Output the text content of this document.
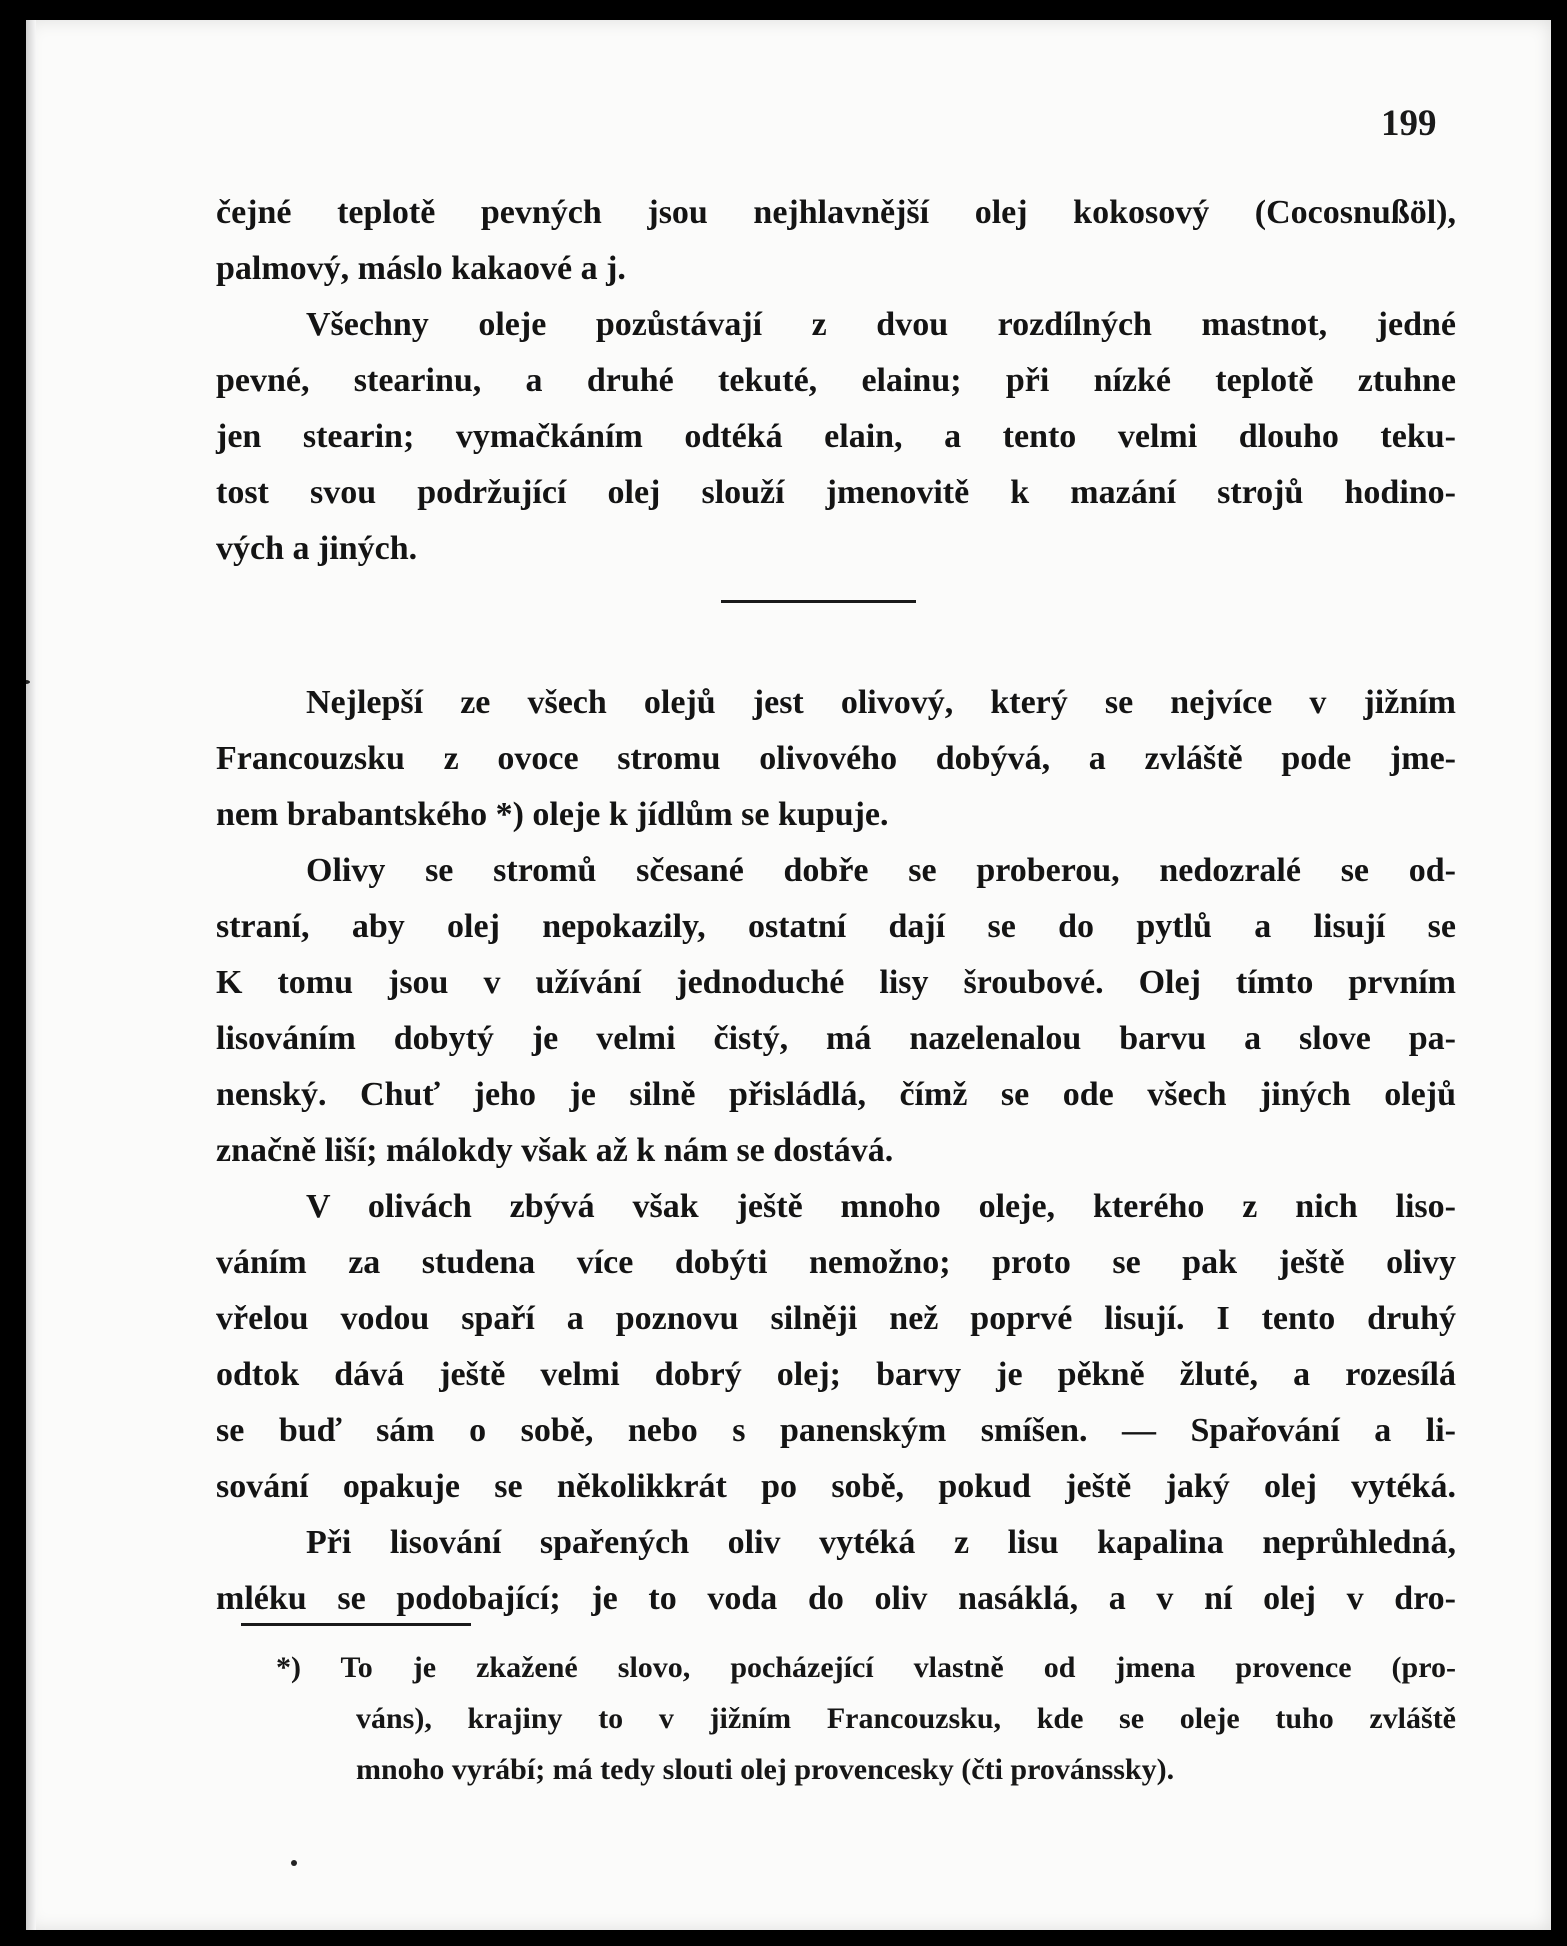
199
čejné teplotě pevných jsou nejhlavnější olej kokosový (Cocosnußöl),
palmový, máslo kakaové a j.
Všechny oleje pozůstávají z dvou rozdílných mastnot, jedné
pevné, stearinu, a druhé tekuté, elainu; při nízké teplotě ztuhne
jen stearin; vymačkáním odtéká elain, a tento velmi dlouho teku-
tost svou podržující olej slouží jmenovitě k mazání strojů hodino-
vých a jiných.
Nejlepší ze všech olejů jest olivový, který se nejvíce v jižním
Francouzsku z ovoce stromu olivového dobývá, a zvláště pode jme-
nem brabantského *) oleje k jídlům se kupuje.
Olivy se stromů sčesané dobře se proberou, nedozralé se od-
straní, aby olej nepokazily, ostatní dají se do pytlů a lisují se
K tomu jsou v užívání jednoduché lisy šroubové. Olej tímto prvním
lisováním dobytý je velmi čistý, má nazelenalou barvu a slove pa-
nenský. Chuť jeho je silně přisládlá, čímž se ode všech jiných olejů
značně liší; málokdy však až k nám se dostává.
V olivách zbývá však ještě mnoho oleje, kterého z nich liso-
váním za studena více dobýti nemožno; proto se pak ještě olivy
vřelou vodou spaří a poznovu silněji než poprvé lisují. I tento druhý
odtok dává ještě velmi dobrý olej; barvy je pěkně žluté, a rozesílá
se buď sám o sobě, nebo s panenským smíšen. — Spařování a li-
sování opakuje se několikkrát po sobě, pokud ještě jaký olej vytéká.
Při lisování spařených oliv vytéká z lisu kapalina neprůhledná,
mléku se podobající; je to voda do oliv nasáklá, a v ní olej v dro-
*) To je zkažené slovo, pocházející vlastně od jmena provence (pro-
váns), krajiny to v jižním Francouzsku, kde se oleje tuho zvláště
mnoho vyrábí; má tedy slouti olej provencesky (čti provánssky).
